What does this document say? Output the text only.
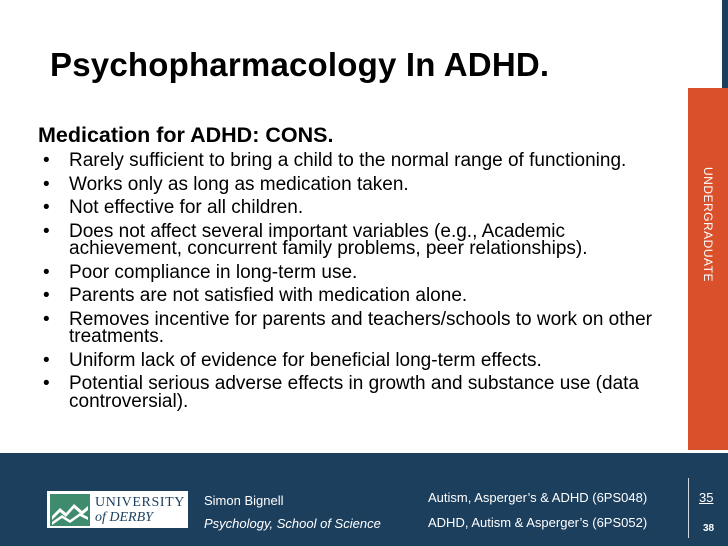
UNDERGRADUATE
Psychopharmacology In ADHD.
Medication for ADHD: CONS.
• Rarely sufficient to bring a child to the normal range of functioning.
• Works only as long as medication taken.
• Not effective for all children.
• Does not affect several important variables (e.g., Academic achievement, concurrent family problems, peer relationships).
• Poor compliance in long-term use.
• Parents are not satisfied with medication alone.
• Removes incentive for parents and teachers/schools to work on other treatments.
• Uniform lack of evidence for beneficial long-term effects.
• Potential serious adverse effects in growth and substance use (data controversial).
UNIVERSITY
of DERBY
Simon Bignell
Psychology, School of Science
Autism, Asperger’s & ADHD (6PS048)
ADHD, Autism & Asperger’s (6PS052)
35
38
